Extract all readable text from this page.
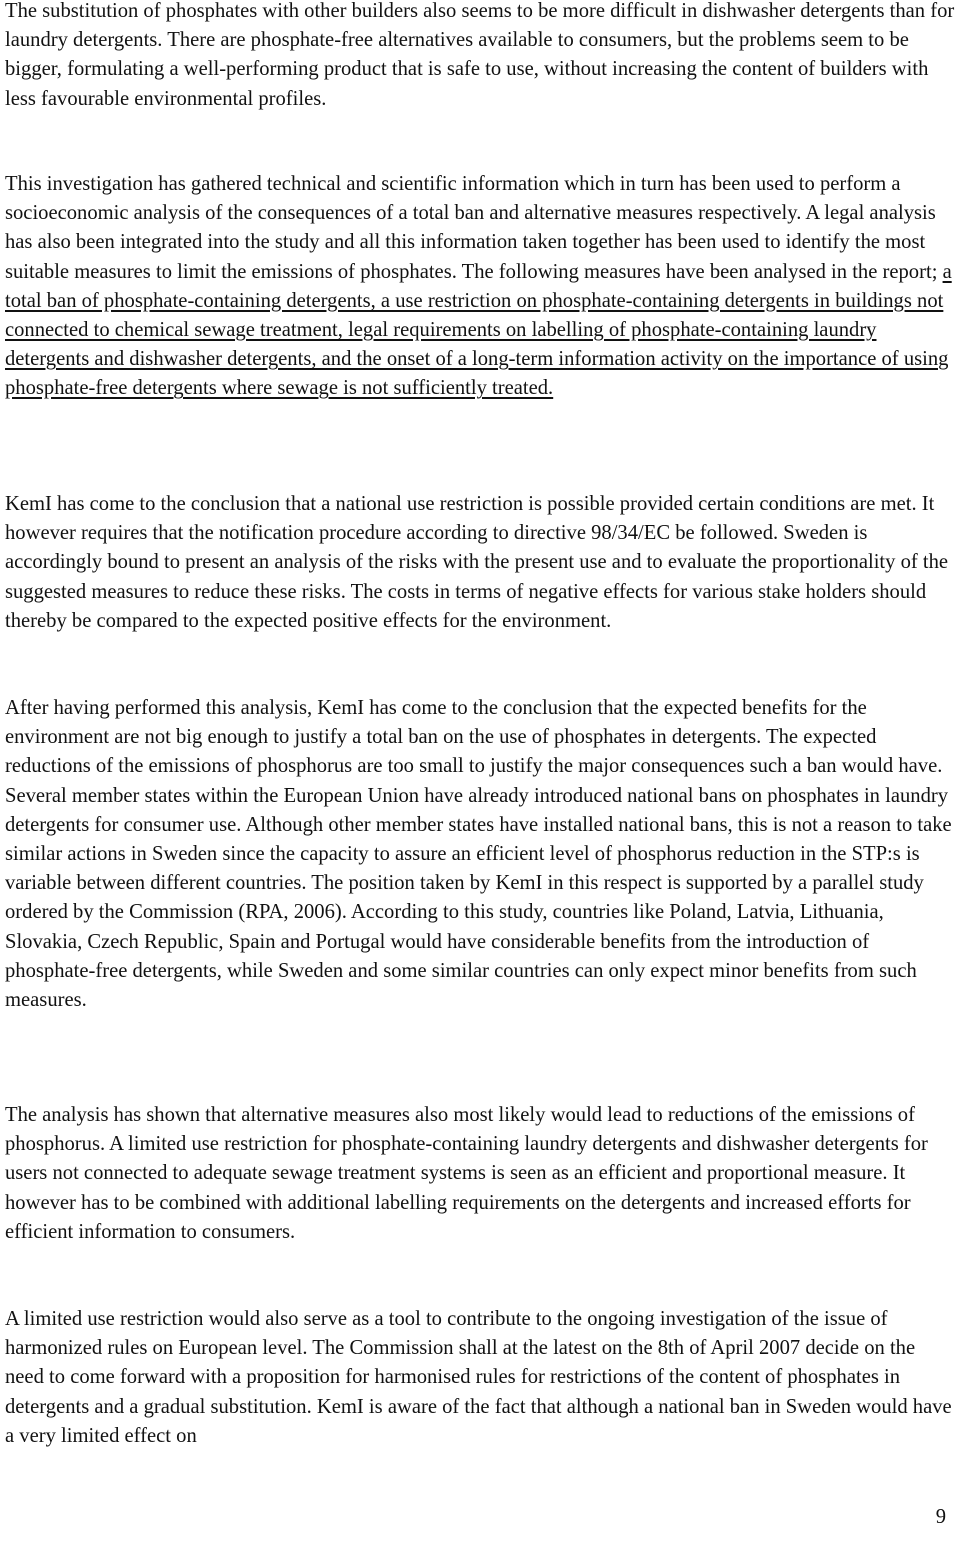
The substitution of phosphates with other builders also seems to be more difficult in dishwasher detergents than for laundry detergents. There are phosphate-free alternatives available to consumers, but the problems seem to be bigger, formulating a well-performing product that is safe to use, without increasing the content of builders with less favourable environmental profiles.

This investigation has gathered technical and scientific information which in turn has been used to perform a socioeconomic analysis of the consequences of a total ban and alternative measures respectively. A legal analysis has also been integrated into the study and all this information taken together has been used to identify the most suitable measures to limit the emissions of phosphates. The following measures have been analysed in the report; a total ban of phosphate-containing detergents, a use restriction on phosphate-containing detergents in buildings not connected to chemical sewage treatment, legal requirements on labelling of phosphate-containing laundry detergents and dishwasher detergents, and the onset of a long-term information activity on the importance of using phosphate-free detergents where sewage is not sufficiently treated.

KemI has come to the conclusion that a national use restriction is possible provided certain conditions are met. It however requires that the notification procedure according to directive 98/34/EC be followed. Sweden is accordingly bound to present an analysis of the risks with the present use and to evaluate the proportionality of the suggested measures to reduce these risks. The costs in terms of negative effects for various stake holders should thereby be compared to the expected positive effects for the environment.

After having performed this analysis, KemI has come to the conclusion that the expected benefits for the environment are not big enough to justify a total ban on the use of phosphates in detergents. The expected reductions of the emissions of phosphorus are too small to justify the major consequences such a ban would have. Several member states within the European Union have already introduced national bans on phosphates in laundry detergents for consumer use. Although other member states have installed national bans, this is not a reason to take similar actions in Sweden since the capacity to assure an efficient level of phosphorus reduction in the STP:s is variable between different countries. The position taken by KemI in this respect is supported by a parallel study ordered by the Commission (RPA, 2006). According to this study, countries like Poland, Latvia, Lithuania, Slovakia, Czech Republic, Spain and Portugal would have considerable benefits from the introduction of phosphate-free detergents, while Sweden and some similar countries can only expect minor benefits from such measures.

The analysis has shown that alternative measures also most likely would lead to reductions of the emissions of phosphorus. A limited use restriction for phosphate-containing laundry detergents and dishwasher detergents for users not connected to adequate sewage treatment systems is seen as an efficient and proportional measure. It however has to be combined with additional labelling requirements on the detergents and increased efforts for efficient information to consumers.

A limited use restriction would also serve as a tool to contribute to the ongoing investigation of the issue of harmonized rules on European level. The Commission shall at the latest on the 8th of April 2007 decide on the need to come forward with a proposition for harmonised rules for restrictions of the content of phosphates in detergents and a gradual substitution. KemI is aware of the fact that although a national ban in Sweden would have a very limited effect on

9
